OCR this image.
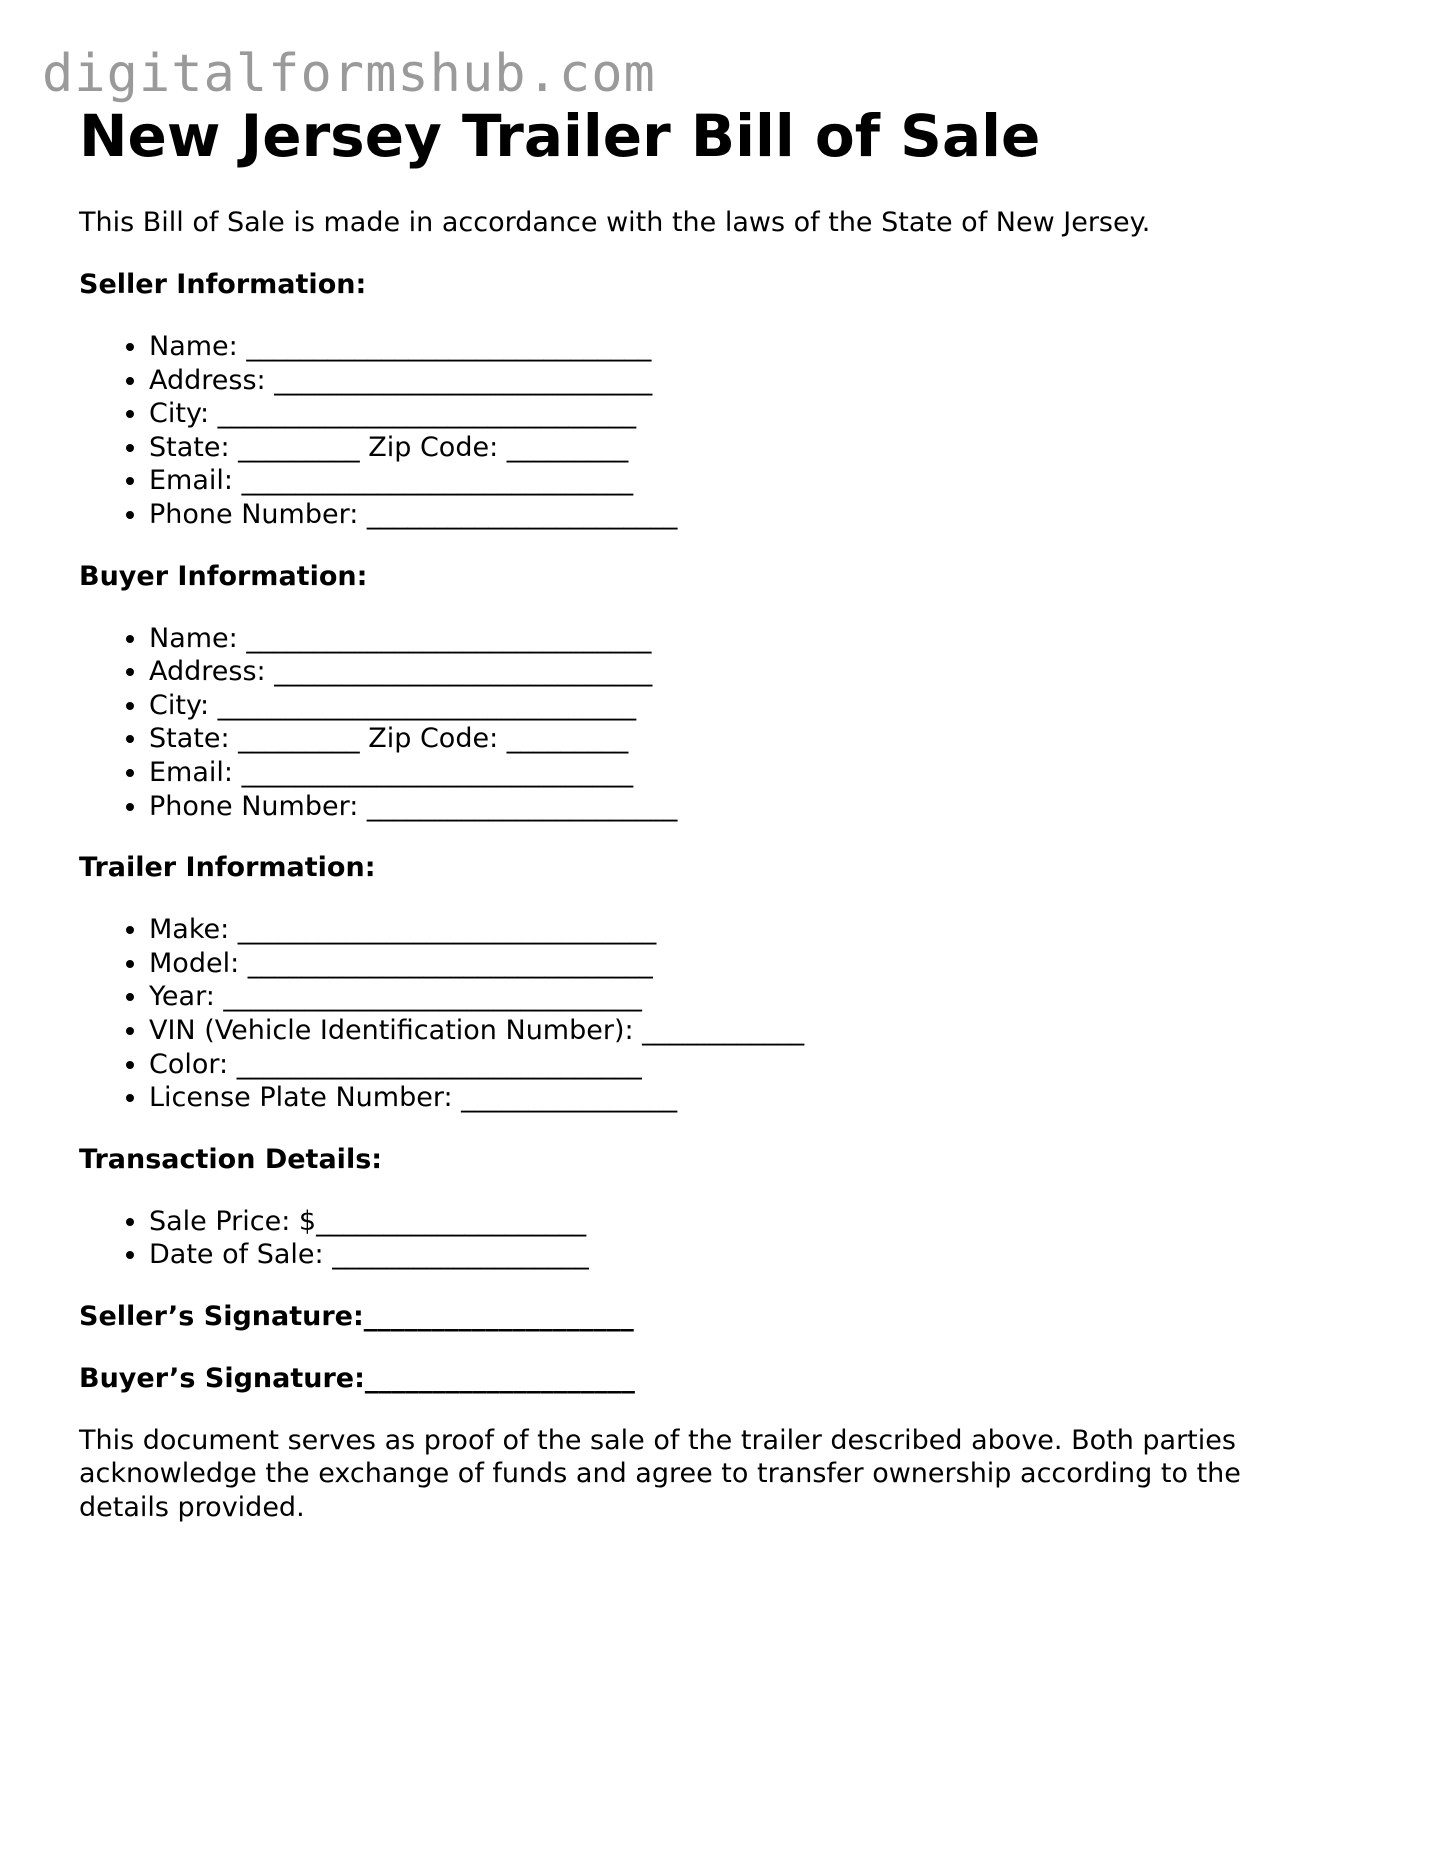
digitalformshub.com
New Jersey Trailer Bill of Sale

This Bill of Sale is made in accordance with the laws of the State of New Jersey.

Seller Information:
• Name: ______________________________
• Address: ____________________________
• City: _______________________________
• State: _________ Zip Code: _________
• Email: _____________________________
• Phone Number: _______________________
Buyer Information:
• Name: ______________________________
• Address: ____________________________
• City: _______________________________
• State: _________ Zip Code: _________
• Email: _____________________________
• Phone Number: _______________________
Trailer Information:
• Make: _______________________________
• Model: ______________________________
• Year: _______________________________
• VIN (Vehicle Identification Number): ____________
• Color: ______________________________
• License Plate Number: ________________
Transaction Details:
• Sale Price: $____________________
• Date of Sale: ___________________
Seller’s Signature:____________________
Buyer’s Signature:____________________

This document serves as proof of the sale of the trailer described above. Both parties acknowledge the exchange of funds and agree to transfer ownership according to the details provided.
